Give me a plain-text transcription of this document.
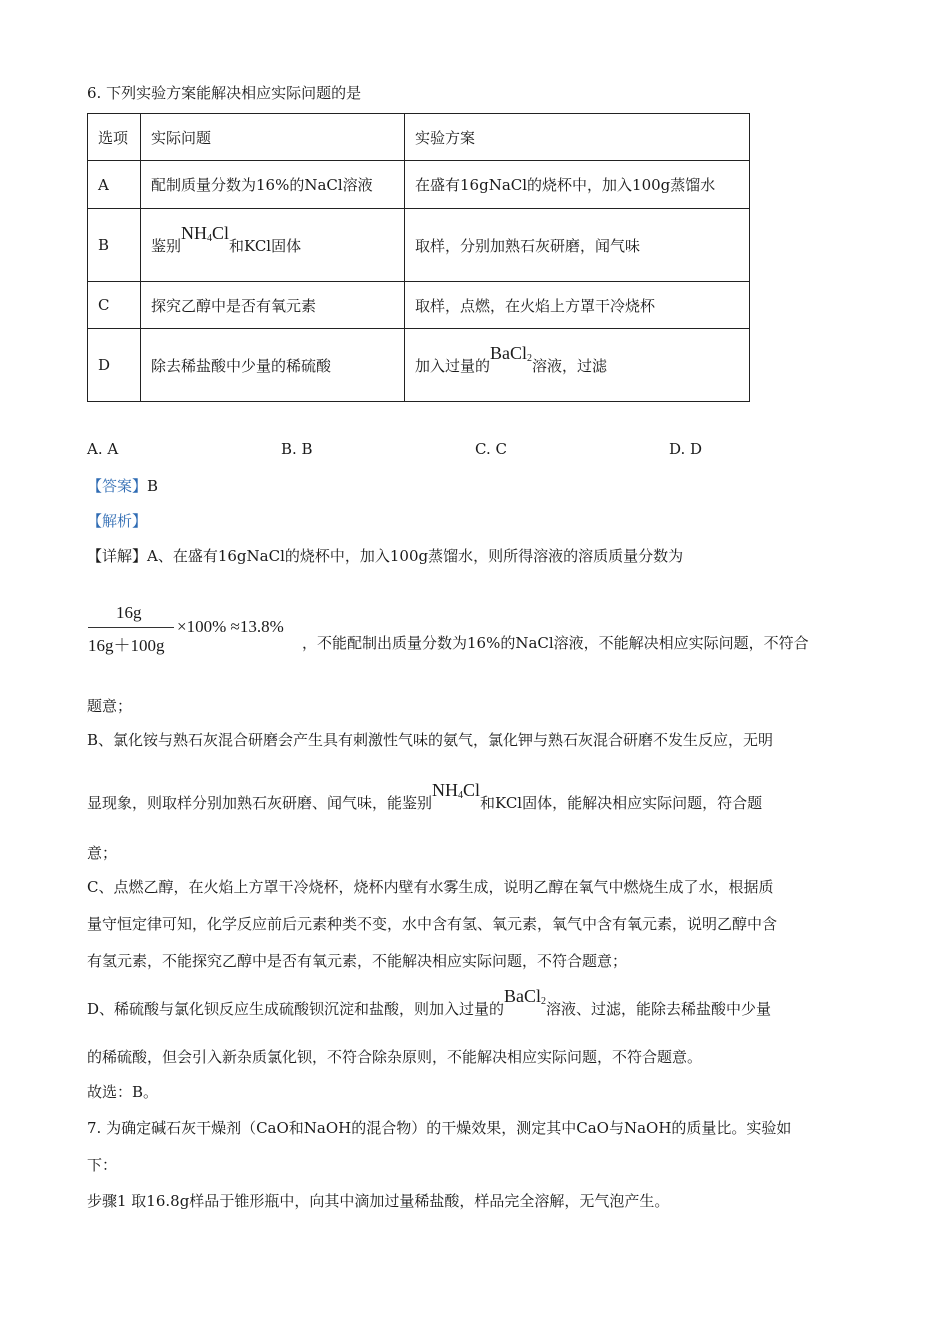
6. 下列实验方案能解决相应实际问题的是
选项	实际问题	实验方案
A	配制质量分数为16%的NaCl溶液	在盛有16gNaCl的烧杯中，加入100g蒸馏水
B	鉴别$NH_4Cl$和KCl固体	取样，分别加熟石灰研磨，闻气味
C	探究乙醇中是否有氧元素	取样，点燃，在火焰上方罩干冷烧杯
D	除去稀盐酸中少量的稀硫酸	加入过量的BaCl$_2$溶液，过滤
A. A	B. B	C. C	D. D
【答案】B
【解析】
【详解】A、在盛有16gNaCl的烧杯中，加入100g蒸馏水，则所得溶液的溶质质量分数为
16g
16g＋100g
×100% ≈13.8%
，不能配制出质量分数为16%的NaCl溶液，不能解决相应实际问题，不符合
题意；
B、氯化铵与熟石灰混合研磨会产生具有刺激性气味的氨气，氯化钾与熟石灰混合研磨不发生反应，无明
显现象，则取样分别加熟石灰研磨、闻气味，能鉴别$NH_4Cl$和KCl固体，能解决相应实际问题，符合题
意；
C、点燃乙醇，在火焰上方罩干冷烧杯，烧杯内壁有水雾生成，说明乙醇在氧气中燃烧生成了水，根据质
量守恒定律可知，化学反应前后元素种类不变，水中含有氢、氧元素，氧气中含有氧元素，说明乙醇中含
有氢元素，不能探究乙醇中是否有氧元素，不能解决相应实际问题，不符合题意；
D、稀硫酸与氯化钡反应生成硫酸钡沉淀和盐酸，则加入过量的BaCl$_2$溶液、过滤，能除去稀盐酸中少量
的稀硫酸，但会引入新杂质氯化钡，不符合除杂原则，不能解决相应实际问题，不符合题意。
故选：B。
7. 为确定碱石灰干燥剂（CaO和NaOH的混合物）的干燥效果，测定其中CaO与NaOH的质量比。实验如
下：
步骤1 取16.8g样品于锥形瓶中，向其中滴加过量稀盐酸，样品完全溶解，无气泡产生。
